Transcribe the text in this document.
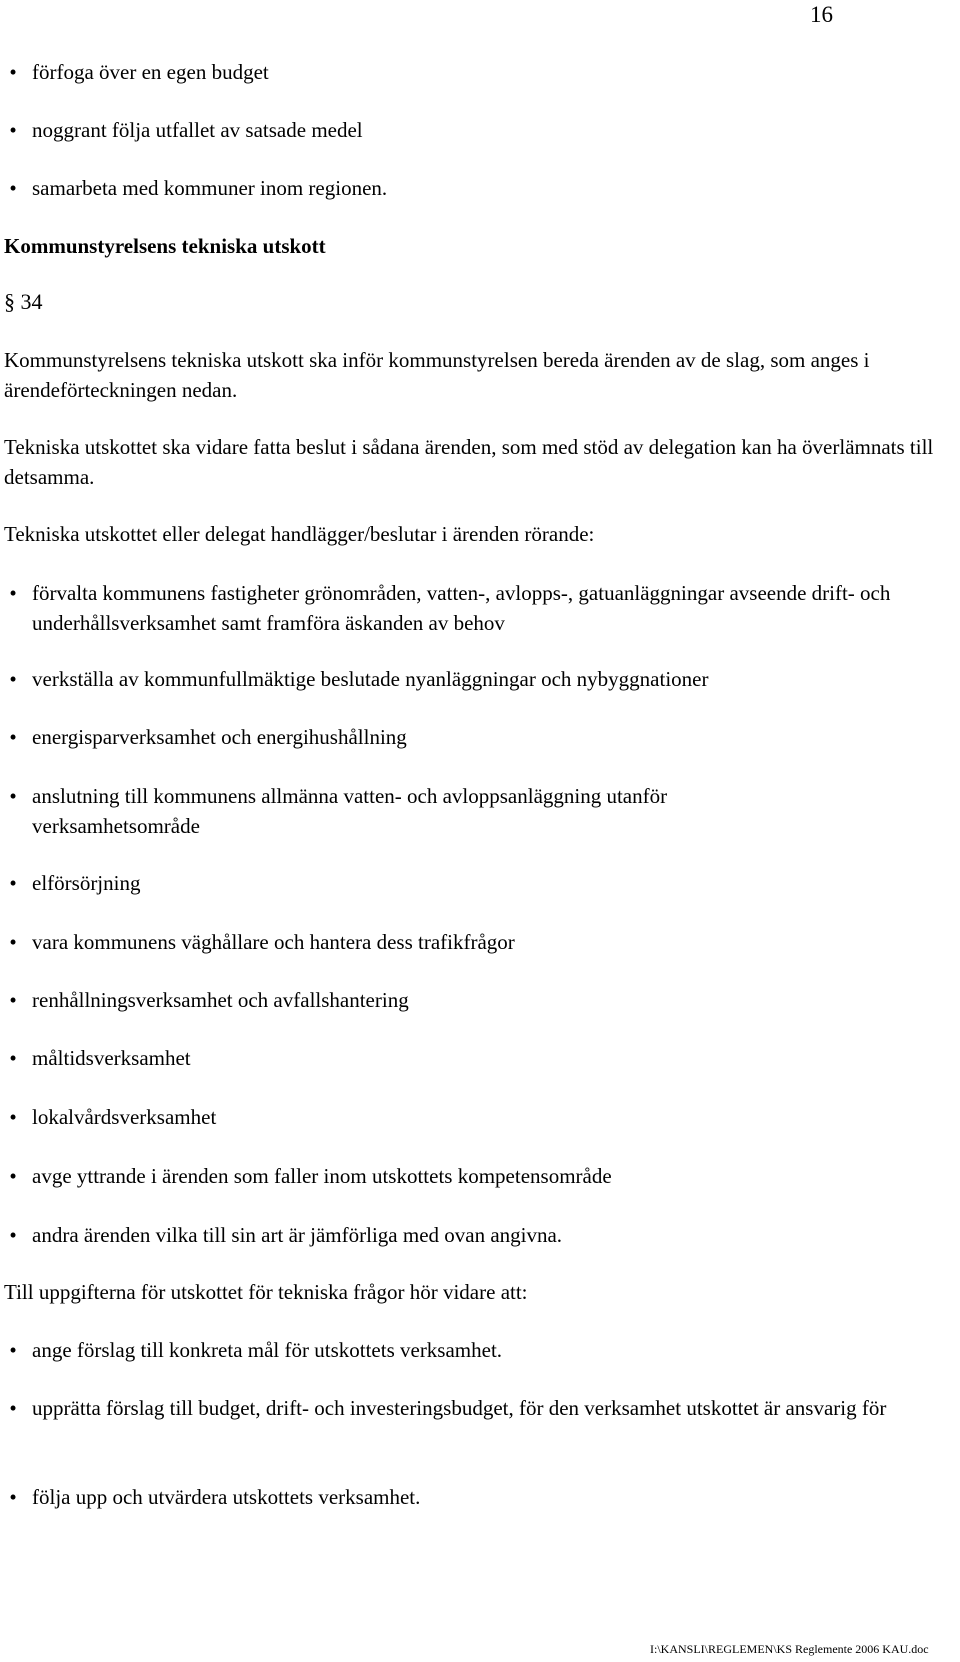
16
• förfoga över en egen budget
• noggrant följa utfallet av satsade medel
• samarbeta med kommuner inom regionen.
Kommunstyrelsens tekniska utskott
§ 34
Kommunstyrelsens tekniska utskott ska inför kommunstyrelsen bereda ärenden av de slag, som anges i ärendeförteckningen nedan.
Tekniska utskottet ska vidare fatta beslut i sådana ärenden, som med stöd av delegation kan ha överlämnats till detsamma.
Tekniska utskottet eller delegat handlägger/beslutar i ärenden rörande:
• förvalta kommunens fastigheter grönområden, vatten-, avlopps-, gatuanläggningar avseende drift- och underhållsverksamhet samt framföra äskanden av behov
• verkställa av kommunfullmäktige beslutade nyanläggningar och nybyggnationer
• energisparverksamhet och energihushållning
• anslutning till kommunens allmänna vatten- och avloppsanläggning utanför verksamhetsområde
• elförsörjning
• vara kommunens väghållare och hantera dess trafikfrågor
• renhållningsverksamhet och avfallshantering
• måltidsverksamhet
• lokalvårdsverksamhet
• avge yttrande i ärenden som faller inom utskottets kompetensområde
• andra ärenden vilka till sin art är jämförliga med ovan angivna.
Till uppgifterna för utskottet för tekniska frågor hör vidare att:
• ange förslag till konkreta mål för utskottets verksamhet.
• upprätta förslag till budget, drift- och investeringsbudget, för den verksamhet utskottet är ansvarig för
• följa upp och utvärdera utskottets verksamhet.
I:\KANSLI\REGLEMEN\KS Reglemente 2006 KAU.doc
